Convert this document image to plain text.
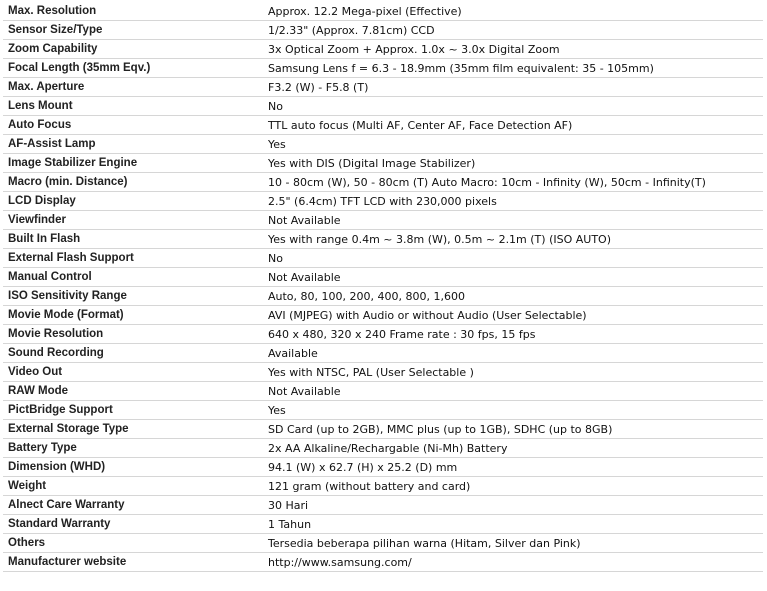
Max. Resolution	Approx. 12.2 Mega-pixel (Effective)
Sensor Size/Type	1/2.33" (Approx. 7.81cm) CCD
Zoom Capability	3x Optical Zoom + Approx. 1.0x ~ 3.0x Digital Zoom
Focal Length (35mm Eqv.)	Samsung Lens f = 6.3 - 18.9mm (35mm film equivalent: 35 - 105mm)
Max. Aperture	F3.2 (W) - F5.8 (T)
Lens Mount	No
Auto Focus	TTL auto focus (Multi AF, Center AF, Face Detection AF)
AF-Assist Lamp	Yes
Image Stabilizer Engine	Yes with DIS (Digital Image Stabilizer)
Macro (min. Distance)	10 - 80cm (W), 50 - 80cm (T) Auto Macro: 10cm - Infinity (W), 50cm - Infinity(T)
LCD Display	2.5" (6.4cm) TFT LCD with 230,000 pixels
Viewfinder	Not Available
Built In Flash	Yes with range 0.4m ~ 3.8m (W), 0.5m ~ 2.1m (T) (ISO AUTO)
External Flash Support	No
Manual Control	Not Available
ISO Sensitivity Range	Auto, 80, 100, 200, 400, 800, 1,600
Movie Mode (Format)	AVI (MJPEG) with Audio or without Audio (User Selectable)
Movie Resolution	640 x 480, 320 x 240 Frame rate : 30 fps, 15 fps
Sound Recording	Available
Video Out	Yes with NTSC, PAL (User Selectable )
RAW Mode	Not Available
PictBridge Support	Yes
External Storage Type	SD Card (up to 2GB), MMC plus (up to 1GB), SDHC (up to 8GB)
Battery Type	2x AA Alkaline/Rechargable (Ni-Mh) Battery
Dimension (WHD)	94.1 (W) x 62.7 (H) x 25.2 (D) mm
Weight	121 gram (without battery and card)
Alnect Care Warranty	30 Hari
Standard Warranty	1 Tahun
Others	Tersedia beberapa pilihan warna (Hitam, Silver dan Pink)
Manufacturer website	http://www.samsung.com/
